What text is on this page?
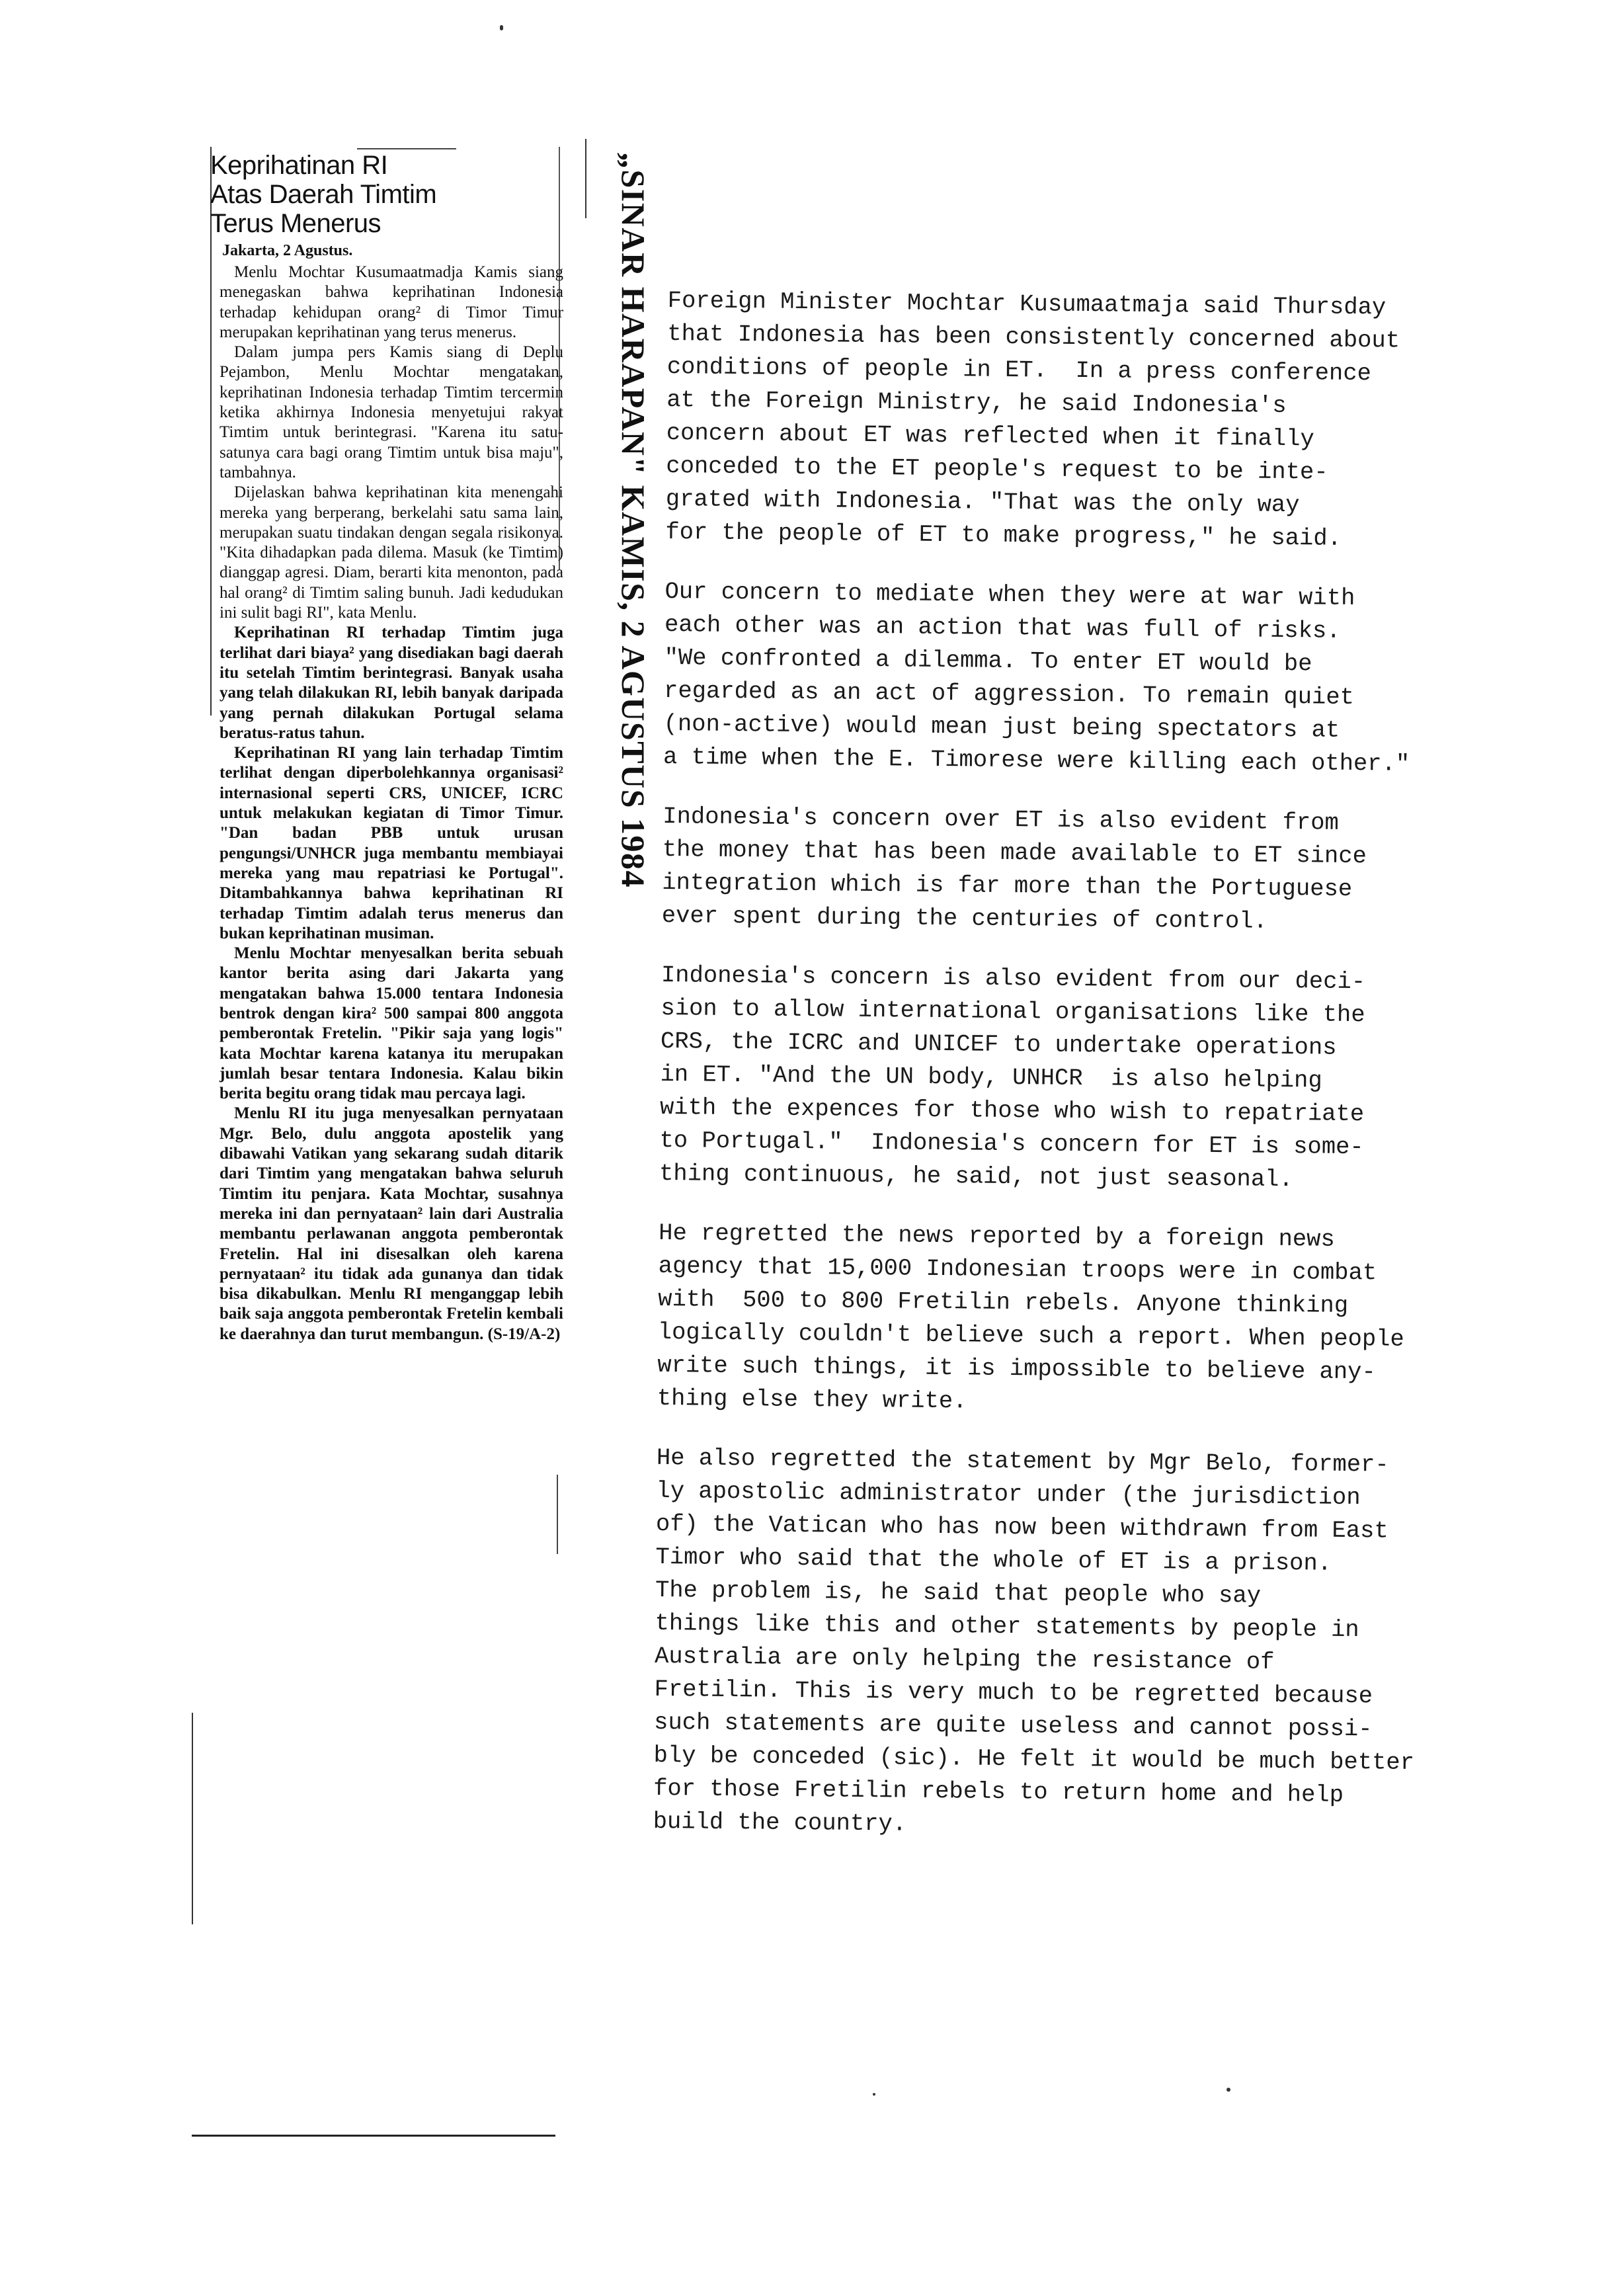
Keprihatinan RI
Atas Daerah Timtim
Terus Menerus
Jakarta, 2 Agustus.

Menlu Mochtar Kusumaatmadja Kamis siang menegaskan bahwa keprihatinan Indonesia terhadap kehidupan orang² di Timor Timur merupakan keprihatinan yang terus menerus.

Dalam jumpa pers Kamis siang di Deplu Pejambon, Menlu Mochtar mengatakan, keprihatinan Indonesia terhadap Timtim tercermin ketika akhirnya Indonesia menyetujui rakyat Timtim untuk berintegrasi. "Karena itu satu-satunya cara bagi orang Timtim untuk bisa maju", tambahnya.

Dijelaskan bahwa keprihatinan kita menengahi mereka yang berperang, berkelahi satu sama lain, merupakan suatu tindakan dengan segala risikonya. "Kita dihadapkan pada dilema. Masuk (ke Timtim) dianggap agresi. Diam, berarti kita menonton, pada hal orang² di Timtim saling bunuh. Jadi kedudukan ini sulit bagi RI", kata Menlu.

Keprihatinan RI terhadap Timtim juga terlihat dari biaya² yang disediakan bagi daerah itu setelah Timtim berintegrasi. Banyak usaha yang telah dilakukan RI, lebih banyak daripada yang pernah dilakukan Portugal selama beratus-ratus tahun.

Keprihatinan RI yang lain terhadap Timtim terlihat dengan diperbolehkannya organisasi² internasional seperti CRS, UNICEF, ICRC untuk melakukan kegiatan di Timor Timur. "Dan badan PBB untuk urusan pengungsi/UNHCR juga membantu membiayai mereka yang mau repatriasi ke Portugal". Ditambahkannya bahwa keprihatinan RI terhadap Timtim adalah terus menerus dan bukan keprihatinan musiman.

Menlu Mochtar menyesalkan berita sebuah kantor berita asing dari Jakarta yang mengatakan bahwa 15.000 tentara Indonesia bentrok dengan kira² 500 sampai 800 anggota pemberontak Fretelin. "Pikir saja yang logis" kata Mochtar karena katanya itu merupakan jumlah besar tentara Indonesia. Kalau bikin berita begitu orang tidak mau percaya lagi.

Menlu RI itu juga menyesalkan pernyataan Mgr. Belo, dulu anggota apostelik yang dibawahi Vatikan yang sekarang sudah ditarik dari Timtim yang mengatakan bahwa seluruh Timtim itu penjara. Kata Mochtar, susahnya mereka ini dan pernyataan² lain dari Australia membantu perlawanan anggota pemberontak Fretelin. Hal ini disesalkan oleh karena pernyataan² itu tidak ada gunanya dan tidak bisa dikabulkan. Menlu RI menganggap lebih baik saja anggota pemberontak Fretelin kembali ke daerahnya dan turut membangun. (S-19/A-2)

„SINAR HARAPAN" KAMIS, 2 AGUSTUS 1984 Foreign Minister Mochtar Kusumaatmaja said Thursday
that Indonesia has been consistently concerned about
conditions of people in ET.  In a press conference
at the Foreign Ministry, he said Indonesia's
concern about ET was reflected when it finally
conceded to the ET people's request to be inte-
grated with Indonesia. "That was the only way
for the people of ET to make progress," he said.

Our concern to mediate when they were at war with
each other was an action that was full of risks.
"We confronted a dilemma. To enter ET would be
regarded as an act of aggression. To remain quiet
(non-active) would mean just being spectators at
a time when the E. Timorese were killing each other."

Indonesia's concern over ET is also evident from
the money that has been made available to ET since
integration which is far more than the Portuguese
ever spent during the centuries of control.

Indonesia's concern is also evident from our deci-
sion to allow international organisations like the
CRS, the ICRC and UNICEF to undertake operations
in ET. "And the UN body, UNHCR  is also helping
with the expences for those who wish to repatriate
to Portugal."  Indonesia's concern for ET is some-
thing continuous, he said, not just seasonal.

He regretted the news reported by a foreign news
agency that 15,000 Indonesian troops were in combat
with  500 to 800 Fretilin rebels. Anyone thinking
logically couldn't believe such a report. When people
write such things, it is impossible to believe any-
thing else they write.

He also regretted the statement by Mgr Belo, former-
ly apostolic administrator under (the jurisdiction
of) the Vatican who has now been withdrawn from East
Timor who said that the whole of ET is a prison.
The problem is, he said that people who say
things like this and other statements by people in
Australia are only helping the resistance of
Fretilin. This is very much to be regretted because
such statements are quite useless and cannot possi-
bly be conceded (sic). He felt it would be much better
for those Fretilin rebels to return home and help
build the country.
